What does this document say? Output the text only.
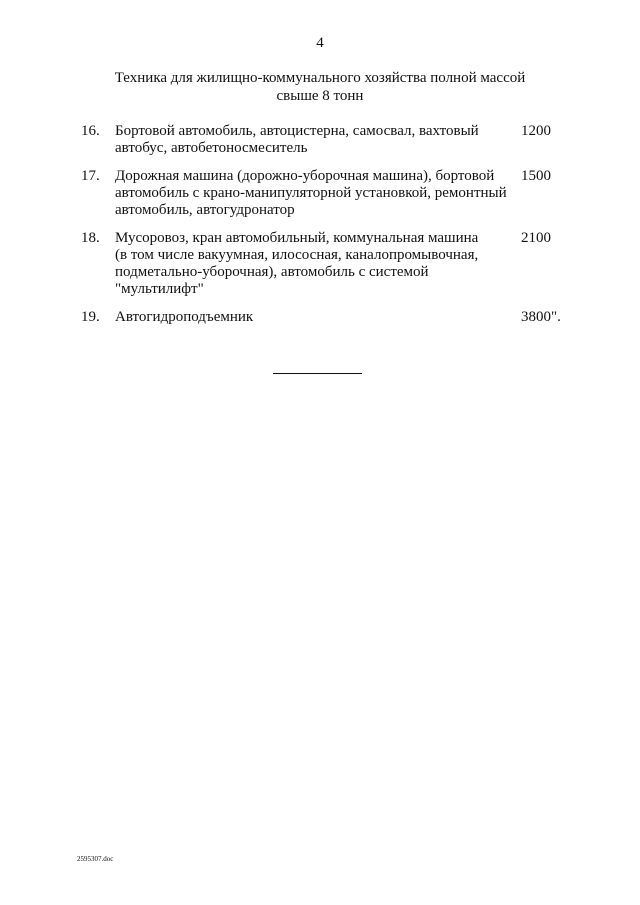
4
Техника для жилищно-коммунального хозяйства полной массой
свыше 8 тонн
16. Бортовой автомобиль, автоцистерна, самосвал, вахтовый
автобус, автобетоносмеситель
1200
17. Дорожная машина (дорожно-уборочная машина), бортовой
автомобиль с крано-манипуляторной установкой, ремонтный
автомобиль, автогудронатор
1500
18. Мусоровоз, кран автомобильный, коммунальная машина
(в том числе вакуумная, илососная, каналопромывочная,
подметально-уборочная), автомобиль с системой
"мультилифт"
2100
19. Автогидроподъемник	3800".
2595307.doc
